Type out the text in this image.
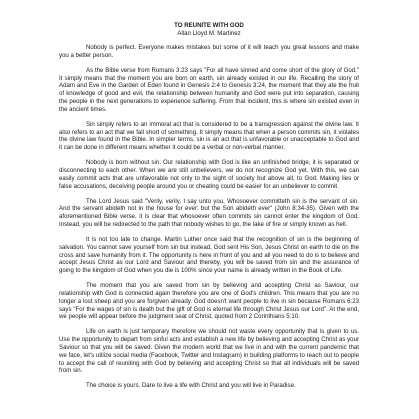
TO REUNITE WITH GOD

Allan Lloyd M. Martinez

Nobody is perfect. Everyone makes mistakes but some of it will teach you great lessons and make you a better person.

As the Bible verse from Romans 3:23 says "For all have sinned and come short of the glory of God." It simply means that the moment you are born on earth, sin already existed in our life. Recalling the story of Adam and Eve in the Garden of Eden found in Genesis 2:4 to Genesis 3:24, the moment that they ate the fruit of knowledge of good and evil, the relationship between humanity and God were put into separation, causing the people in the next generations to experience suffering. From that incident, this is where sin existed even in the ancient times.

Sin simply refers to an immoral act that is considered to be a transgression against the divine law. It also refers to an act that we fall short of something. It simply means that when a person commits sin, it violates the divine law found in the Bible. In simpler terms, sin is an act that is unfavorable or unacceptable to God and it can be done in different means whether it could be a verbal or non-verbal manner.

Nobody is born without sin. Our relationship with God is like an unfinished bridge, it is separated or disconnecting to each other. When we are still unbelievers, we do not recognize God yet. With this, we can easily commit acts that are unfavorable not only to the sight of society but above all, to God. Making lies or false accusations, deceiving people around you or cheating could be easier for an unbeliever to commit.

The Lord Jesus said "Verily, verily, I say unto you, Whosoever committeth sin is the servant of sin. And the servant abideth not in the house for ever: but the Son abideth ever" (John 8:34-35). Given with the aforementioned Bible verse, it is clear that whosoever often commits sin cannot enter the kingdom of God. Instead, you will be redirected to the path that nobody wishes to go, the lake of fire or simply known as hell.

It is not too late to change. Martin Luther once said that the recognition of sin is the beginning of salvation. You cannot save yourself from sin but instead, God sent His Son, Jesus Christ on earth to die on the cross and save humanity from it. The opportunity is here in front of you and all you need to do is to believe and accept Jesus Christ as our Lord and Saviour and thereby, you will be saved from sin and the assurance of going to the kingdom of God when you die is 100% since your name is already written in the Book of Life.

The moment that you are saved from sin by believing and accepting Christ as Saviour, our relationship with God is connected again therefore you are one of God's children. This means that you are no longer a lost sheep and you are forgiven already. God doesn't want people to live in sin because Romans 6:23 says "For the wages of sin is death but the gift of God is eternal life through Christ Jesus our Lord". At the end, we people will appear before the judgment seat of Christ, quoted from 2 Corinthians 5:10.

Life on earth is just temporary therefore we should not waste every opportunity that is given to us. Use the opportunity to depart from sinful acts and establish a new life by believing and accepting Christ as your Saviour so that you will be saved. Given the modern world that we live in and with the current pandemic that we face, let's utilize social media (Facebook, Twitter and Instagram) in building platforms to reach out to people to accept the call of reuniting with God by believing and accepting Christ so that all individuals will be saved from sin.

The choice is yours. Dare to live a life with Christ and you will live in Paradise.
